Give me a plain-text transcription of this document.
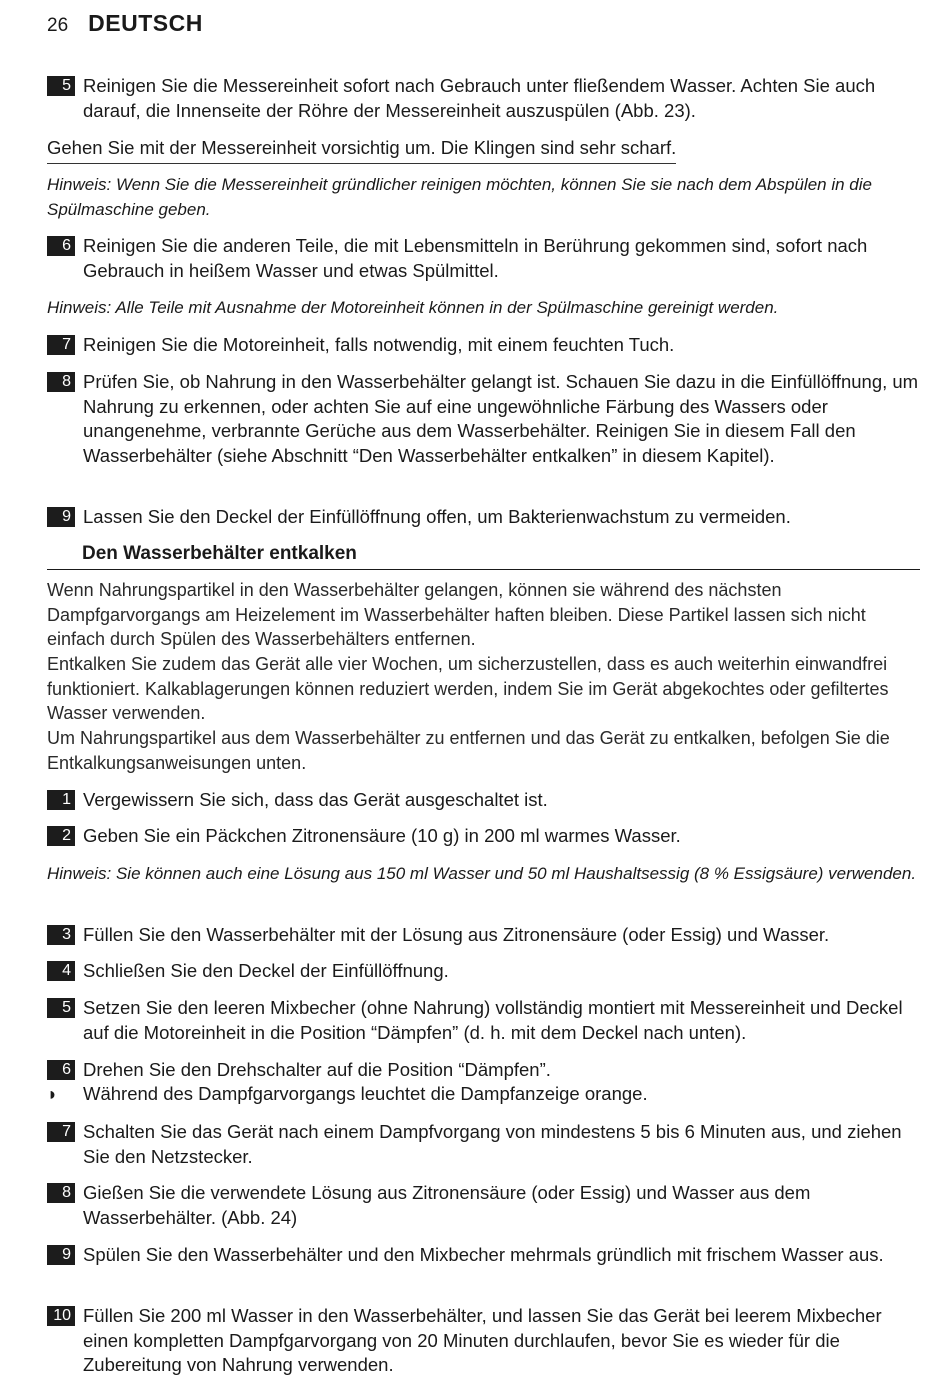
26 DEUTSCH
5 Reinigen Sie die Messereinheit sofort nach Gebrauch unter fließendem Wasser. Achten Sie auch darauf, die Innenseite der Röhre der Messereinheit auszuspülen (Abb. 23).
Gehen Sie mit der Messereinheit vorsichtig um. Die Klingen sind sehr scharf.
Hinweis: Wenn Sie die Messereinheit gründlicher reinigen möchten, können Sie sie nach dem Abspülen in die Spülmaschine geben.
6 Reinigen Sie die anderen Teile, die mit Lebensmitteln in Berührung gekommen sind, sofort nach Gebrauch in heißem Wasser und etwas Spülmittel.
Hinweis: Alle Teile mit Ausnahme der Motoreinheit können in der Spülmaschine gereinigt werden.
7 Reinigen Sie die Motoreinheit, falls notwendig, mit einem feuchten Tuch.
8 Prüfen Sie, ob Nahrung in den Wasserbehälter gelangt ist. Schauen Sie dazu in die Einfüllöffnung, um Nahrung zu erkennen, oder achten Sie auf eine ungewöhnliche Färbung des Wassers oder unangenehme, verbrannte Gerüche aus dem Wasserbehälter. Reinigen Sie in diesem Fall den Wasserbehälter (siehe Abschnitt “Den Wasserbehälter entkalken” in diesem Kapitel).
9 Lassen Sie den Deckel der Einfüllöffnung offen, um Bakterienwachstum zu vermeiden.
Den Wasserbehälter entkalken
Wenn Nahrungspartikel in den Wasserbehälter gelangen, können sie während des nächsten Dampfgarvorgangs am Heizelement im Wasserbehälter haften bleiben. Diese Partikel lassen sich nicht einfach durch Spülen des Wasserbehälters entfernen.
Entkalken Sie zudem das Gerät alle vier Wochen, um sicherzustellen, dass es auch weiterhin einwandfrei funktioniert. Kalkablagerungen können reduziert werden, indem Sie im Gerät abgekochtes oder gefiltertes Wasser verwenden.
Um Nahrungspartikel aus dem Wasserbehälter zu entfernen und das Gerät zu entkalken, befolgen Sie die Entkalkungsanweisungen unten.
1 Vergewissern Sie sich, dass das Gerät ausgeschaltet ist.
2 Geben Sie ein Päckchen Zitronensäure (10 g) in 200 ml warmes Wasser.
Hinweis: Sie können auch eine Lösung aus 150 ml Wasser und 50 ml Haushaltsessig (8 % Essigsäure) verwenden.
3 Füllen Sie den Wasserbehälter mit der Lösung aus Zitronensäure (oder Essig) und Wasser.
4 Schließen Sie den Deckel der Einfüllöffnung.
5 Setzen Sie den leeren Mixbecher (ohne Nahrung) vollständig montiert mit Messereinheit und Deckel auf die Motoreinheit in die Position “Dämpfen” (d. h. mit dem Deckel nach unten).
6 Drehen Sie den Drehschalter auf die Position “Dämpfen”.
◗	Während des Dampfgarvorgangs leuchtet die Dampfanzeige orange.
7 Schalten Sie das Gerät nach einem Dampfvorgang von mindestens 5 bis 6 Minuten aus, und ziehen Sie den Netzstecker.
8 Gießen Sie die verwendete Lösung aus Zitronensäure (oder Essig) und Wasser aus dem Wasserbehälter. (Abb. 24)
9 Spülen Sie den Wasserbehälter und den Mixbecher mehrmals gründlich mit frischem Wasser aus.
10 Füllen Sie 200 ml Wasser in den Wasserbehälter, und lassen Sie das Gerät bei leerem Mixbecher einen kompletten Dampfgarvorgang von 20 Minuten durchlaufen, bevor Sie es wieder für die Zubereitung von Nahrung verwenden.
